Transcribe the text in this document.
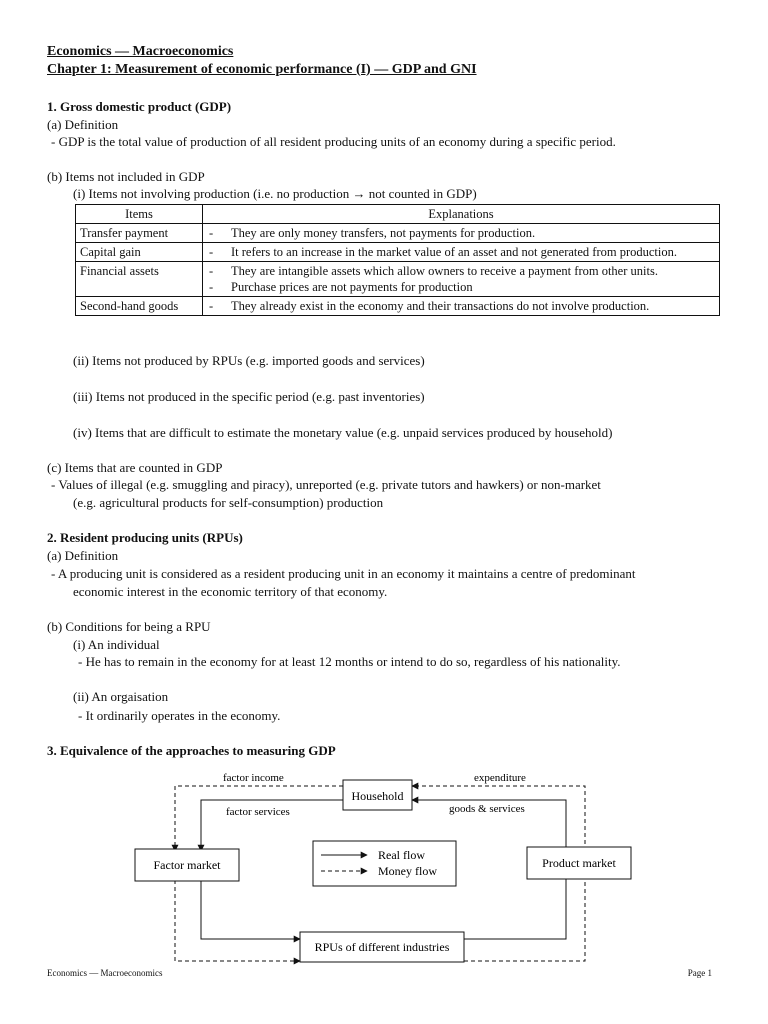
Economics — Macroeconomics
Chapter 1: Measurement of economic performance (I) — GDP and GNI
1. Gross domestic product (GDP)
(a) Definition
- GDP is the total value of production of all resident producing units of an economy during a specific period.
(b) Items not included in GDP
(i) Items not involving production (i.e. no production → not counted in GDP)
Items	Explanations
Transfer payment	- They are only money transfers, not payments for production.

Capital gain	- It refers to an increase in the market value of an asset and not generated from production.

Financial assets	- They are intangible assets which allow owners to receive a payment from other units.
- Purchase prices are not payments for production

Second-hand goods	- They already exist in the economy and their transactions do not involve production.
(ii) Items not produced by RPUs (e.g. imported goods and services)
(iii) Items not produced in the specific period (e.g. past inventories)
(iv) Items that are difficult to estimate the monetary value (e.g. unpaid services produced by household)
(c) Items that are counted in GDP
- Values of illegal (e.g. smuggling and piracy), unreported (e.g. private tutors and hawkers) or non-market
(e.g. agricultural products for self-consumption) production
2. Resident producing units (RPUs)
(a) Definition
- A producing unit is considered as a resident producing unit in an economy it maintains a centre of predominant
economic interest in the economic territory of that economy.
(b) Conditions for being a RPU
(i) An individual
- He has to remain in the economy for at least 12 months or intend to do so, regardless of his nationality.
(ii) An orgaisation
- It ordinarily operates in the economy.
3. Equivalence of the approaches to measuring GDP
Household
Factor market	Product market
RPUs of different industries
factor income
factor services
expenditure
goods & services
Real flow
Money flow
Economics — Macroeconomics	Page 1
